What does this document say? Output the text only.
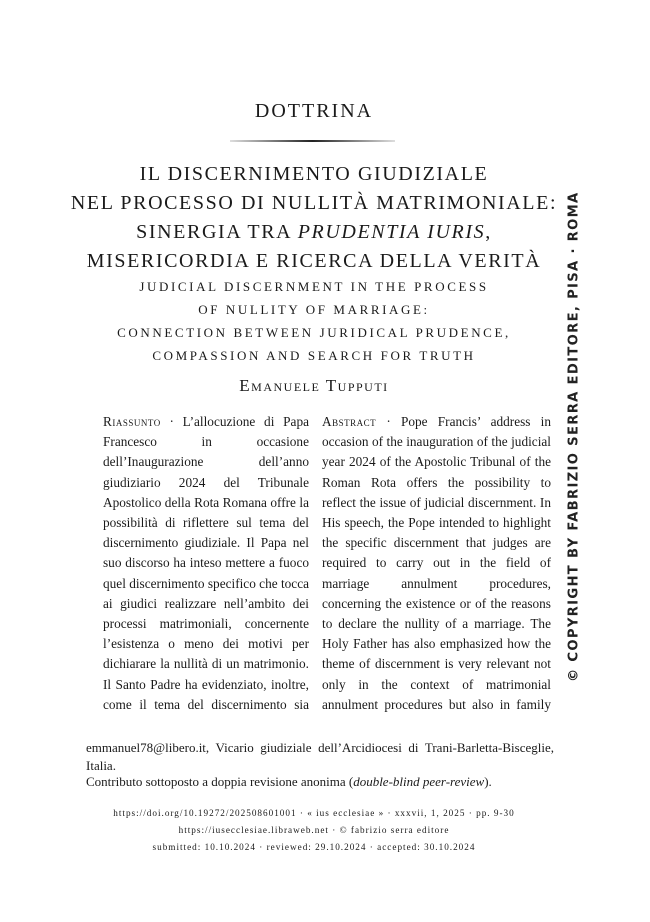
DOTTRINA
IL DISCERNIMENTO GIUDIZIALE
NEL PROCESSO DI NULLITÀ MATRIMONIALE:
SINERGIA TRA PRUDENTIA IURIS,
MISERICORDIA E RICERCA DELLA VERITÀ
JUDICIAL DISCERNMENT IN THE PROCESS
OF NULLITY OF MARRIAGE:
CONNECTION BETWEEN JURIDICAL PRUDENCE,
COMPASSION AND SEARCH FOR TRUTH
Emanuele Tupputi
Riassunto · L’allocuzione di Papa Francesco in occasione dell’Inaugurazione dell’anno giudiziario 2024 del Tribunale Apostolico della Rota Romana offre la possibilità di riflettere sul tema del discernimento giudiziale. Il Papa nel suo discorso ha inteso mettere a fuoco quel discernimento specifico che tocca ai giudici realizzare nell’ambito dei processi matrimoniali, concernente l’esistenza o meno dei motivi per dichiarare la nullità di un matrimonio. Il Santo Padre ha evidenziato, inoltre, come il tema del discernimento sia
Abstract · Pope Francis’ address in occasion of the inauguration of the judicial year 2024 of the Apostolic Tribunal of the Roman Rota offers the possibility to reflect the issue of judicial discernment. In His speech, the Pope intended to highlight the specific discernment that judges are required to carry out in the field of marriage annulment procedures, concerning the existence or of the reasons to declare the nullity of a marriage. The Holy Father has also emphasized how the theme of discernment is very relevant not only in the context of matrimonial annulment procedures but also in family
emmanuel78@libero.it, Vicario giudiziale dell’Arcidiocesi di Trani-Barletta-Bisceglie, Italia.
Contributo sottoposto a doppia revisione anonima (double-blind peer-review).
https://doi.org/10.19272/202508601001 · « ius ecclesiae » · xxxvii, 1, 2025 · pp. 9-30
https://iusecclesiae.libraweb.net · © fabrizio serra editore
submitted: 10.10.2024 · reviewed: 29.10.2024 · accepted: 30.10.2024
© COPYRIGHT BY FABRIZIO SERRA EDITORE, PISA · ROMA
